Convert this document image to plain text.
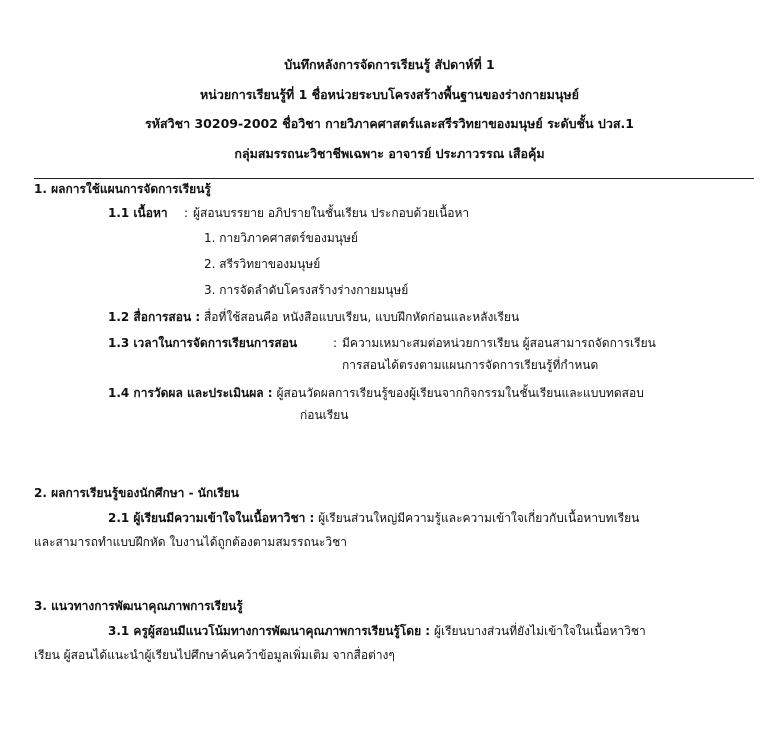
บันทึกหลังการจัดการเรียนรู้ สัปดาห์ที่ 1
หน่วยการเรียนรู้ที่ 1 ชื่อหน่วยระบบโครงสร้างพื้นฐานของร่างกายมนุษย์
รหัสวิชา 30209-2002 ชื่อวิชา กายวิภาคศาสตร์และสรีรวิทยาของมนุษย์ ระดับชั้น ปวส.1
กลุ่มสมรรถนะวิชาชีพเฉพาะ อาจารย์ ประภาวรรณ เสือคุ้ม
1. ผลการใช้แผนการจัดการเรียนรู้
1.1 เนื้อหา : ผู้สอนบรรยาย อภิปรายในชั้นเรียน ประกอบด้วยเนื้อหา
1. กายวิภาคศาสตร์ของมนุษย์
2. สรีรวิทยาของมนุษย์
3. การจัดลำดับโครงสร้างร่างกายมนุษย์
1.2 สื่อการสอน : สื่อที่ใช้สอนคือ หนังสือแบบเรียน, แบบฝึกหัดก่อนและหลังเรียน
1.3 เวลาในการจัดการเรียนการสอน	: มีความเหมาะสมต่อหน่วยการเรียน ผู้สอนสามารถจัดการเรียน
การสอนได้ตรงตามแผนการจัดการเรียนรู้ที่กำหนด
1.4 การวัดผล และประเมินผล : ผู้สอนวัดผลการเรียนรู้ของผู้เรียนจากกิจกรรมในชั้นเรียนและแบบทดสอบ
ก่อนเรียน
2. ผลการเรียนรู้ของนักศึกษา - นักเรียน
2.1 ผู้เรียนมีความเข้าใจในเนื้อหาวิชา : ผู้เรียนส่วนใหญ่มีความรู้และความเข้าใจเกี่ยวกับเนื้อหาบทเรียน
และสามารถทำแบบฝึกหัด ใบงานได้ถูกต้องตามสมรรถนะวิชา
3. แนวทางการพัฒนาคุณภาพการเรียนรู้
3.1 ครูผู้สอนมีแนวโน้มทางการพัฒนาคุณภาพการเรียนรู้โดย : ผู้เรียนบางส่วนที่ยังไม่เข้าใจในเนื้อหาวิชา
เรียน ผู้สอนได้แนะนำผู้เรียนไปศึกษาค้นคว้าข้อมูลเพิ่มเติม จากสื่อต่างๆ
